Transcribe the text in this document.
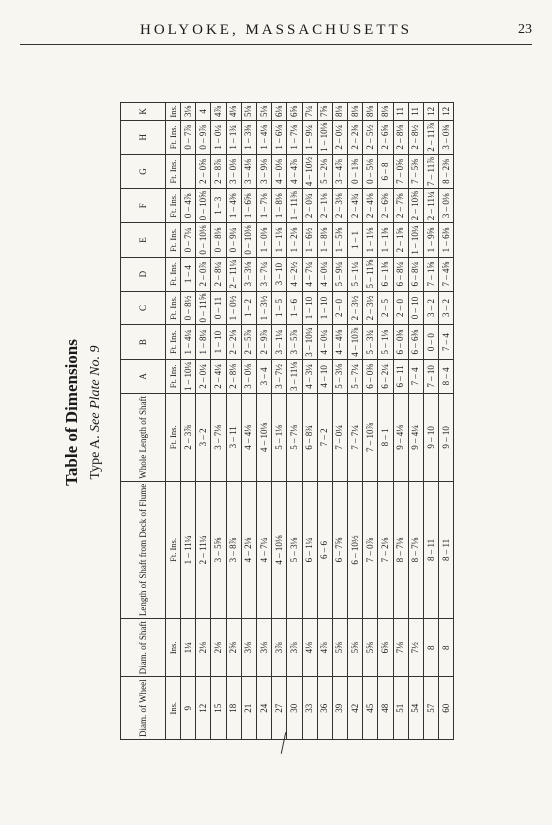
HOLYOKE, MASSACHUSETTS	23
Table of Dimensions Type A. See Plate No. 9
Diam. of Wheel	Diam. of Shaft	Length of Shaft from Deck of Flume	Whole Length of Shaft	A	B	C	D	E	F	G	H	K
Ins.	Ins.	Ft. Ins.	Ft. Ins.	Ft. Ins.	Ft. Ins.	Ft. Ins.	Ft. Ins.	Ft. Ins.	Ft. Ins.	Ft. Ins.	Ft. Ins.	Ins.
9	1¼	1 – 11¼	2 – 3⅞	1 – 10¼	1 – 4¼	0 – 8½	1 – 4	0 – 7¼	0 – 4⅞		0 – 7⅞	3⅛
12	2⅛	2 – 11¼	3 – 2	2 – 0¼	1 – 8¼	0 – 11⅝	2 – 0⅞	0 – 10⅛	0 – 10⅝	2 – 0⅝	0 – 9⅞	4
15	2⅛	3 – 5⅝	3 – 7⅛	2 – 4¼	1 – 10	0 – 11	2 – 8¼	0 – 8⅛	1 – 3	2 – 8⅞	1 – 0¼	4⅞
18	2⅝	3 – 8⅞	3 – 11	2 – 8⅛	2 – 2⅛	1 – 0½	2 – 11¼	0 – 9¼	1 – 4⅜	3 – 0⅛	1 – 1¾	4⅛
21	3⅛	4 – 2⅛	4 – 4⅛	3 – 0⅛	2 – 5⅞	1 – 2	3 – 3⅛	0 – 10⅛	1 – 6⅝	3 – 4⅛	1 – 3⅜	5⅛
24	3⅛	4 – 7¼	4 – 10⅛	3 – 4	2 – 9⅞	1 – 3½	3 – 7¼	1 – 0⅛	1 – 7⅛	3 – 9⅛	1 – 4⅛	5⅛
27	3⅞	4 – 10⅛	5 – 1⅛	3 – 7½	3 – 1¼	1 – 5	3 – 10	1 – 1⅛	1 – 8⅛	4 – 0⅛	1 – 6⅛	6⅛
30	3⅞	5 – 3⅛	5 – 7⅛	3 – 11⅛	3 – 5⅞	1 – 6	4 – 2½	1 – 2⅛	1 – 11⅜	4 – 4⅞	1 – 7⅛	6⅝
33	4⅛	6 – 1¼	6 – 8¾	4 – 3¼	3 – 10¼	1 – 10	4 – 7¼	1 – 6½	2 – 0¾	4 – 10½	1 – 9¼	7¼
36	4⅞	6 – 6	7 – 2	4 – 10	4 – 0¼	1 – 10	4 – 0¼	1 – 8⅛	2 – 1⅛	5 – 2⅛	1 – 10⅛	7⅝
39	5⅝	6 – 7⅝	7 – 0¼	5 – 3⅛	4 – 4⅛	2 – 0	5 – 9¼	1 – 5⅜	2 – 3⅛	3 – 4⅞	2 – 0¼	8⅛
42	5⅝	6 – 10½	7 – 7¼	5 – 7¼	4 – 10⅞	2 – 3½	5 – 1¼	1 – 1	2 – 4¾	0 – 1⅜	2 – 2⅜	8⅛
45	5⅝	7 – 0⅞	7 – 10⅞	6 – 0⅜	5 – 3¾	2 – 3½	5 – 11⅝	1 – 1⅛	2 – 4⅛	0 – 5⅛	2 – 5½	8⅛
48	6⅝	7 – 2⅛	8 – 1	6 – 2¼	5 – 1⅛	2 – 5	6 – 1⅜	1 – 1⅜	2 – 6⅜	6 – 8	2 – 6⅝	8⅛
51	7⅛	8 – 7⅛	9 – 4⅛	6 – 11	6 – 0⅜	2 – 0	6 – 8¼	2 – 1⅝	2 – 7⅜	7 – 0⅝	2 – 8⅛	11
54	7½	8 – 7⅛	9 – 4¼	7 – 4	6 – 6⅜	0 – 10	6 – 8¼	1 – 10¼	2 – 10⅝	7 – 5⅜	2 – 8½	11
57	8	8 – 11	9 – 10	7 – 10	0 – 0	3 – 2	7 – 1⅝	1 – 9⅝	2 – 11¼	7 – 11⅞	2 – 11⅞	12
60	8	8 – 11	9 – 10	8 – 4	7 – 4	3 – 2	7 – 4⅝	1 – 6⅜	3 – 0⅛	8 – 2⅜	3 – 0⅜	12
